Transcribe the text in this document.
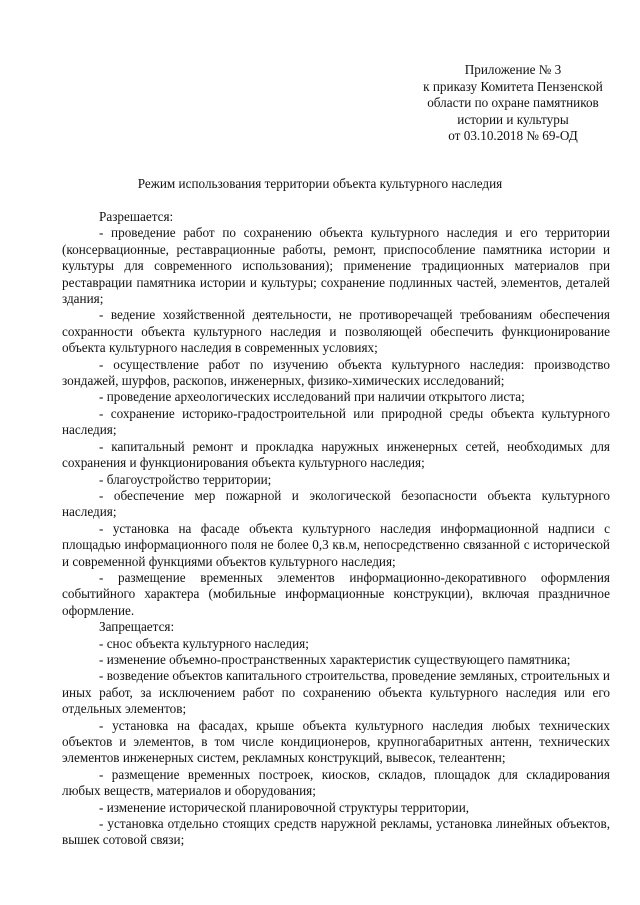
Приложение № 3
к приказу Комитета Пензенской
области по охране памятников
истории и культуры
от 03.10.2018 № 69-ОД
Режим использования территории объекта культурного наследия

Разрешается:

- проведение работ по сохранению объекта культурного наследия и его территории (консервационные, реставрационные работы, ремонт, приспособление памятника истории и культуры для современного использования); применение традиционных материалов при реставрации памятника истории и культуры; сохранение подлинных частей, элементов, деталей здания;

- ведение хозяйственной деятельности, не противоречащей требованиям обеспечения сохранности объекта культурного наследия и позволяющей обеспечить функционирование объекта культурного наследия в современных условиях;

- осуществление работ по изучению объекта культурного наследия: производство зондажей, шурфов, раскопов, инженерных, физико-химических исследований;

- проведение археологических исследований при наличии открытого листа;

- сохранение историко-градостроительной или природной среды объекта культурного наследия;

- капитальный ремонт и прокладка наружных инженерных сетей, необходимых для сохранения и функционирования объекта культурного наследия;

- благоустройство территории;

- обеспечение мер пожарной и экологической безопасности объекта культурного наследия;

- установка на фасаде объекта культурного наследия информационной надписи с площадью информационного поля не более 0,3 кв.м, непосредственно связанной с исторической и современной функциями объектов культурного наследия;

- размещение временных элементов информационно-декоративного оформления событийного характера (мобильные информационные конструкции), включая праздничное оформление.

Запрещается:

- снос объекта культурного наследия;

- изменение объемно-пространственных характеристик существующего памятника;

- возведение объектов капитального строительства, проведение земляных, строительных и иных работ, за исключением работ по сохранению объекта культурного наследия или его отдельных элементов;

- установка на фасадах, крыше объекта культурного наследия любых технических объектов и элементов, в том числе кондиционеров, крупногабаритных антенн, технических элементов инженерных систем, рекламных конструкций, вывесок, телеантенн;

- размещение временных построек, киосков, складов, площадок для складирования любых веществ, материалов и оборудования;

- изменение исторической планировочной структуры территории,

- установка отдельно стоящих средств наружной рекламы, установка линейных объектов, вышек сотовой связи;
